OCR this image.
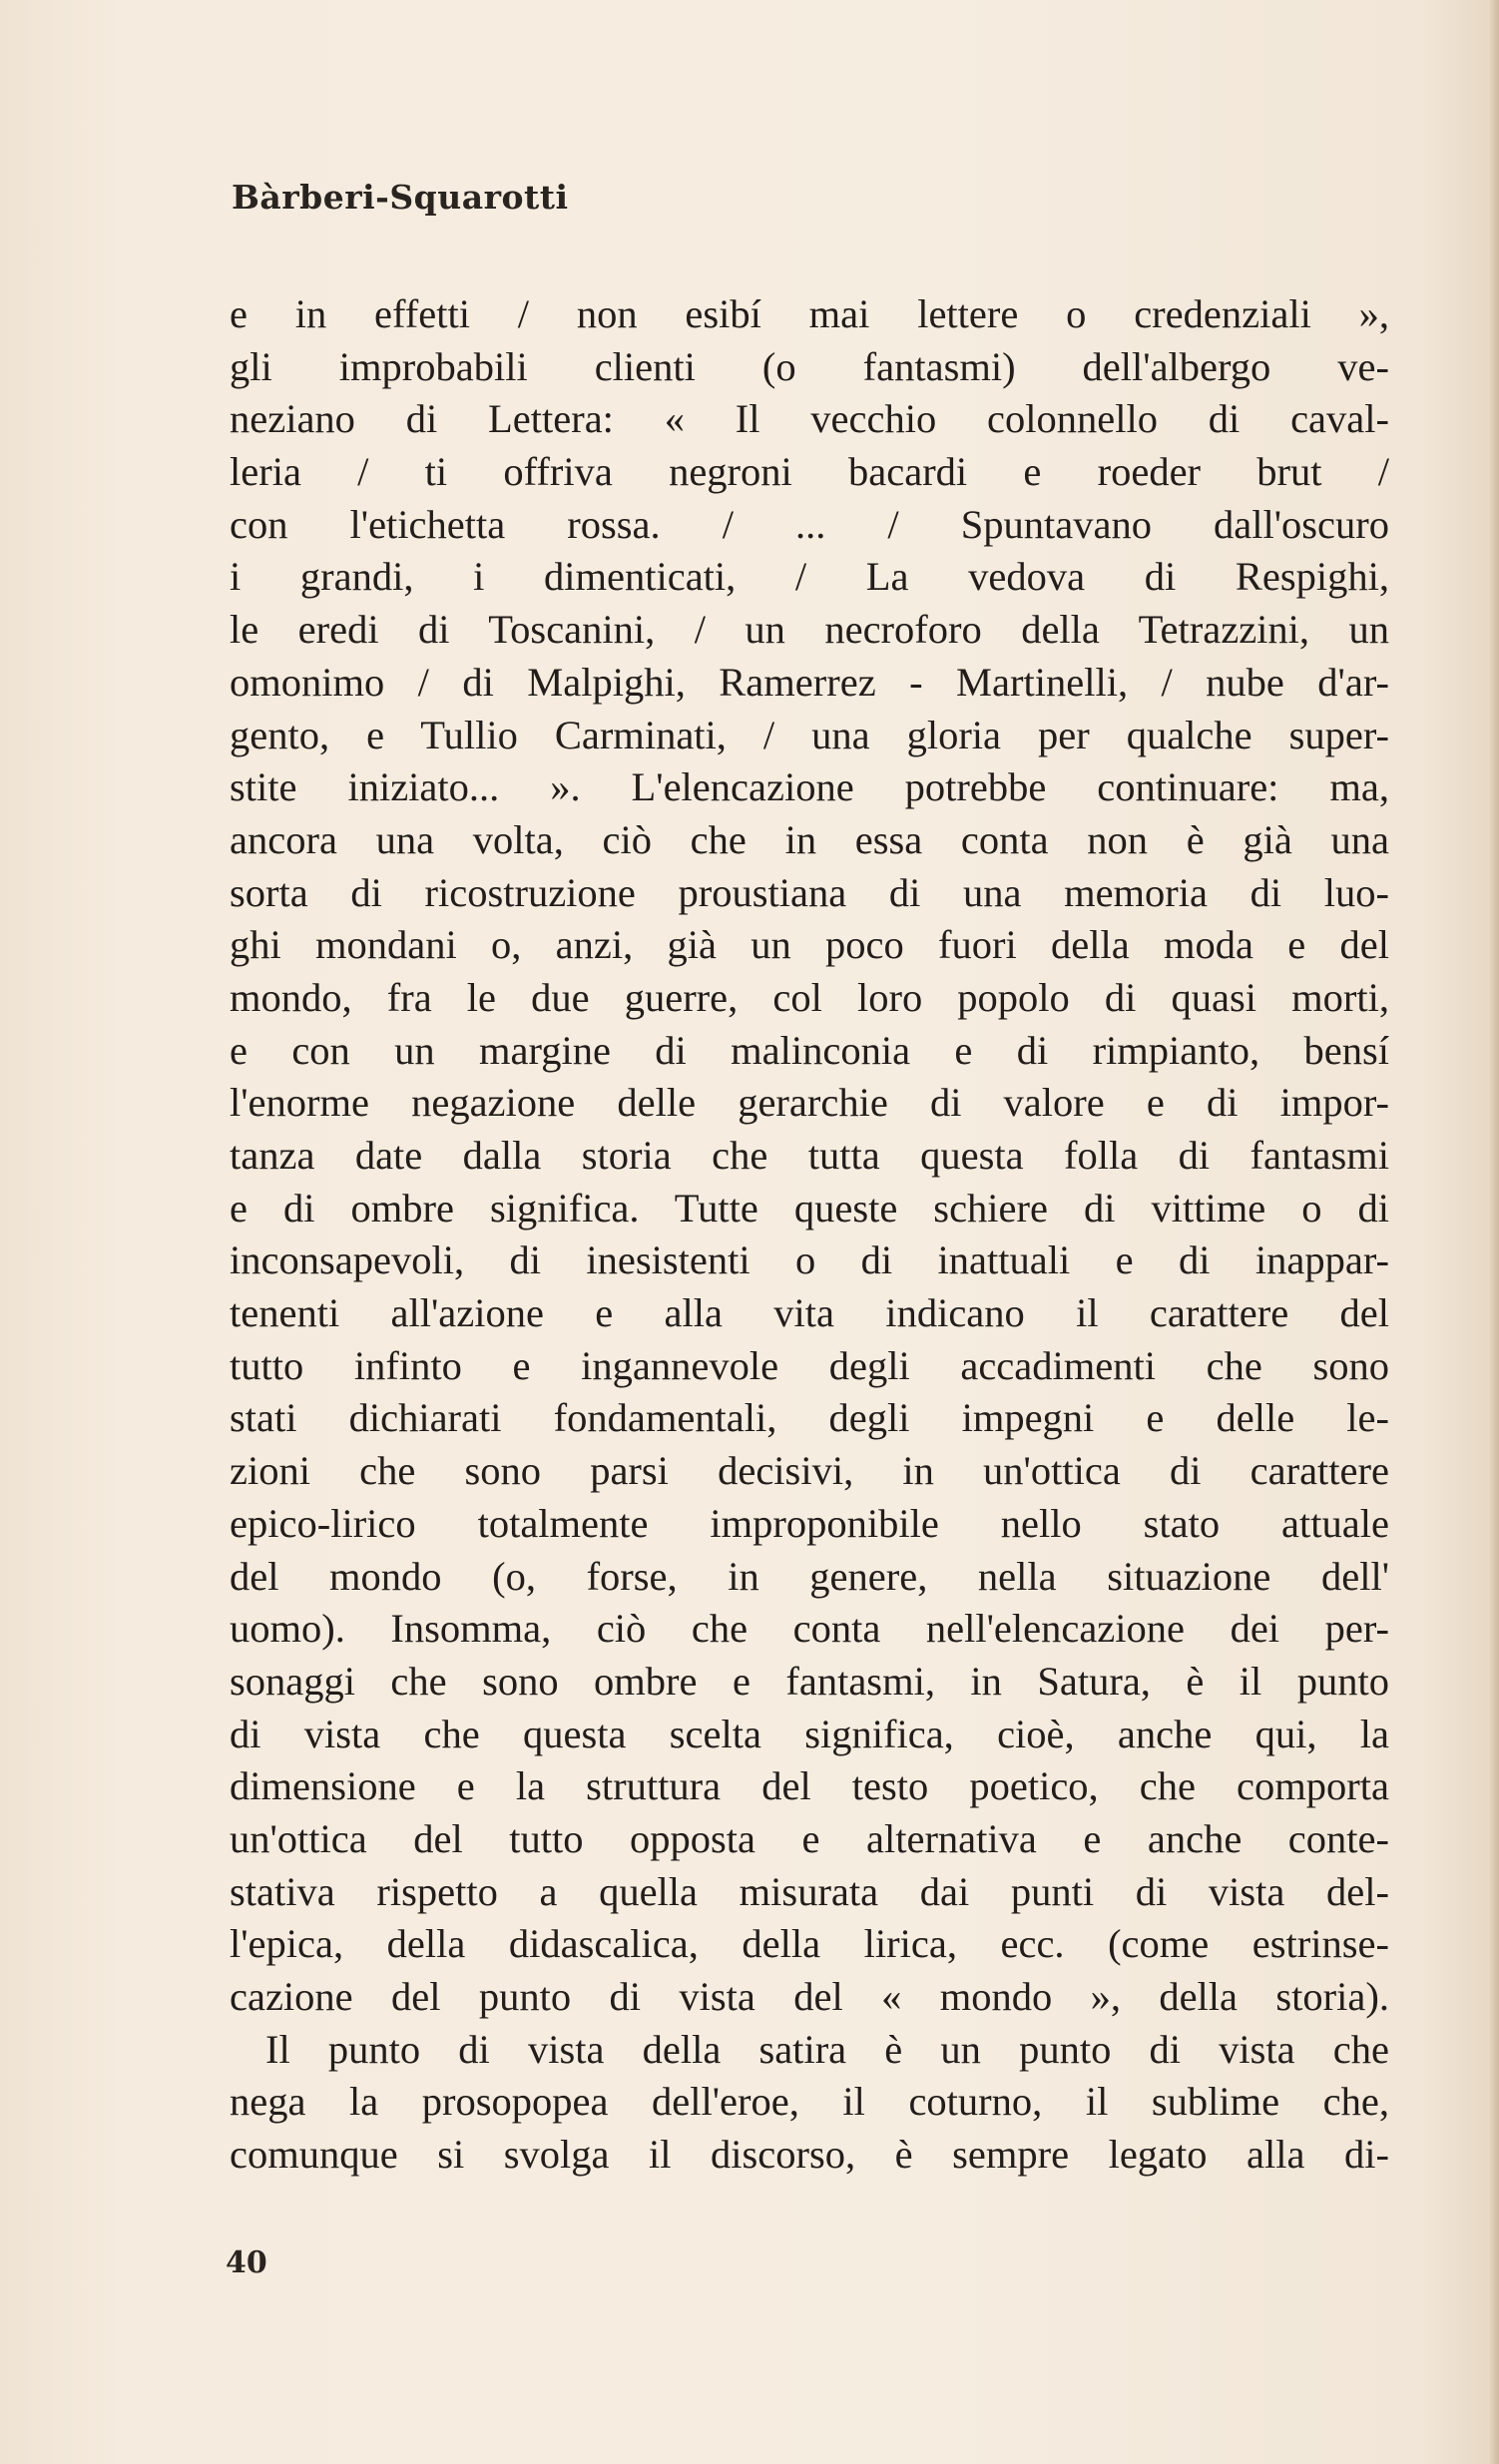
Bàrberi-Squarotti
e in effetti / non esibí mai lettere o credenziali »,
gli improbabili clienti (o fantasmi) dell'albergo ve-
neziano di Lettera: « Il vecchio colonnello di caval-
leria / ti offriva negroni bacardi e roeder brut /
con l'etichetta rossa. / ... / Spuntavano dall'oscuro
i grandi, i dimenticati, / La vedova di Respighi,
le eredi di Toscanini, / un necroforo della Tetrazzini, un
omonimo / di Malpighi, Ramerrez - Martinelli, / nube d'ar-
gento, e Tullio Carminati, / una gloria per qualche super-
stite iniziato... ». L'elencazione potrebbe continuare: ma,
ancora una volta, ciò che in essa conta non è già una
sorta di ricostruzione proustiana di una memoria di luo-
ghi mondani o, anzi, già un poco fuori della moda e del
mondo, fra le due guerre, col loro popolo di quasi morti,
e con un margine di malinconia e di rimpianto, bensí
l'enorme negazione delle gerarchie di valore e di impor-
tanza date dalla storia che tutta questa folla di fantasmi
e di ombre significa. Tutte queste schiere di vittime o di
inconsapevoli, di inesistenti o di inattuali e di inappar-
tenenti all'azione e alla vita indicano il carattere del
tutto infinto e ingannevole degli accadimenti che sono
stati dichiarati fondamentali, degli impegni e delle le-
zioni che sono parsi decisivi, in un'ottica di carattere
epico-lirico totalmente improponibile nello stato attuale
del mondo (o, forse, in genere, nella situazione dell'
uomo). Insomma, ciò che conta nell'elencazione dei per-
sonaggi che sono ombre e fantasmi, in Satura, è il punto
di vista che questa scelta significa, cioè, anche qui, la
dimensione e la struttura del testo poetico, che comporta
un'ottica del tutto opposta e alternativa e anche conte-
stativa rispetto a quella misurata dai punti di vista del-
l'epica, della didascalica, della lirica, ecc. (come estrinse-
cazione del punto di vista del « mondo », della storia).
Il punto di vista della satira è un punto di vista che
nega la prosopopea dell'eroe, il coturno, il sublime che,
comunque si svolga il discorso, è sempre legato alla di-
40
